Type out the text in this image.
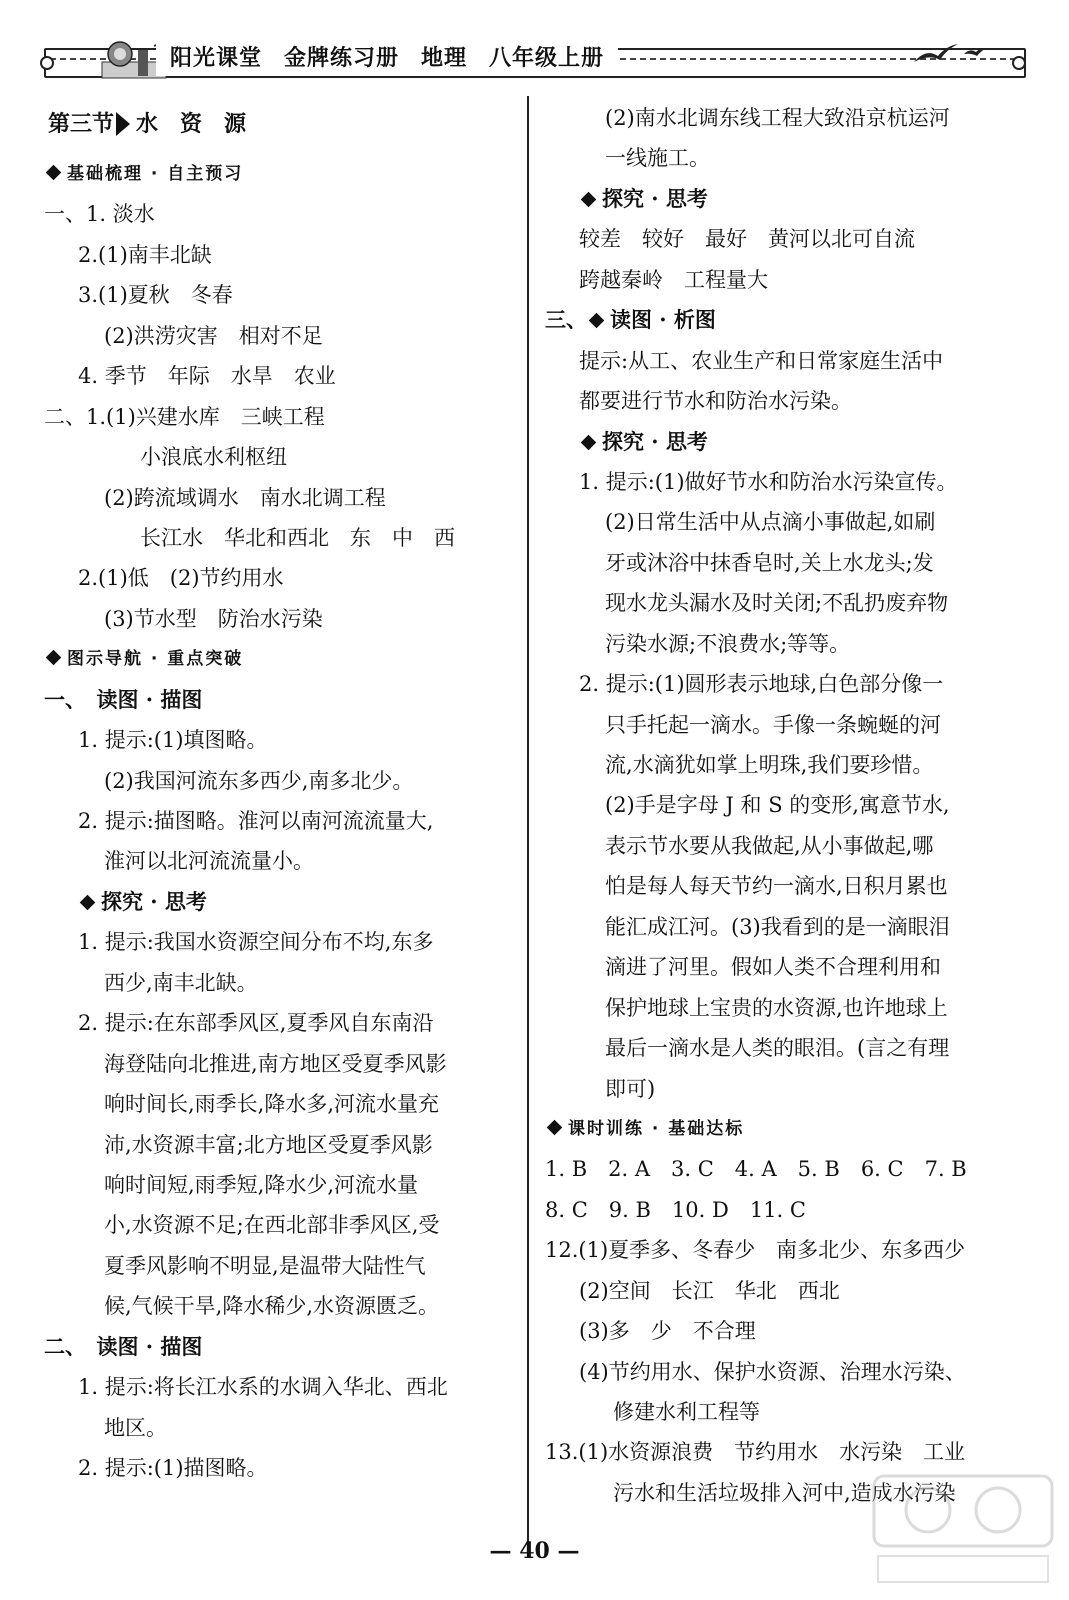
阳光课堂 金牌练习册 地理 八年级上册
第三节 水　资　源
基础梳理 · 自主预习
一、1. 淡水
2.(1)南丰北缺
3.(1)夏秋　冬春
(2)洪涝灾害　相对不足
4. 季节　年际　水旱　农业
二、1.(1)兴建水库　三峡工程
小浪底水利枢纽
(2)跨流域调水　南水北调工程
长江水　华北和西北　东　中　西
2.(1)低　(2)节约用水
(3)节水型　防治水污染
图示导航 · 重点突破
一、　读图 · 描图
1. 提示:(1)填图略。
(2)我国河流东多西少,南多北少。
2. 提示:描图略。淮河以南河流流量大,
淮河以北河流流量小。
探究 · 思考
1. 提示:我国水资源空间分布不均,东多
西少,南丰北缺。
2. 提示:在东部季风区,夏季风自东南沿
海登陆向北推进,南方地区受夏季风影
响时间长,雨季长,降水多,河流水量充
沛,水资源丰富;北方地区受夏季风影
响时间短,雨季短,降水少,河流水量
小,水资源不足;在西北部非季风区,受
夏季风影响不明显,是温带大陆性气
候,气候干旱,降水稀少,水资源匮乏。
二、　读图 · 描图
1. 提示:将长江水系的水调入华北、西北
地区。
2. 提示:(1)描图略。
(2)南水北调东线工程大致沿京杭运河
一线施工。
探究 · 思考
较差　较好　最好　黄河以北可自流
跨越秦岭　工程量大
三、 读图 · 析图
提示:从工、农业生产和日常家庭生活中
都要进行节水和防治水污染。
探究 · 思考
1. 提示:(1)做好节水和防治水污染宣传。
(2)日常生活中从点滴小事做起,如刷
牙或沐浴中抹香皂时,关上水龙头;发
现水龙头漏水及时关闭;不乱扔废弃物
污染水源;不浪费水;等等。
2. 提示:(1)圆形表示地球,白色部分像一
只手托起一滴水。手像一条蜿蜒的河
流,水滴犹如掌上明珠,我们要珍惜。
(2)手是字母 J 和 S 的变形,寓意节水,
表示节水要从我做起,从小事做起,哪
怕是每人每天节约一滴水,日积月累也
能汇成江河。(3)我看到的是一滴眼泪
滴进了河里。假如人类不合理利用和
保护地球上宝贵的水资源,也许地球上
最后一滴水是人类的眼泪。(言之有理
即可)
课时训练 · 基础达标
1. B　2. A　3. C　4. A　5. B　6. C　7. B
8. C　9. B　10. D　11. C
12.(1)夏季多、冬春少　南多北少、东多西少
(2)空间　长江　华北　西北
(3)多　少　不合理
(4)节约用水、保护水资源、治理水污染、
修建水利工程等
13.(1)水资源浪费　节约用水　水污染　工业
污水和生活垃圾排入河中,造成水污染
— 40 —
